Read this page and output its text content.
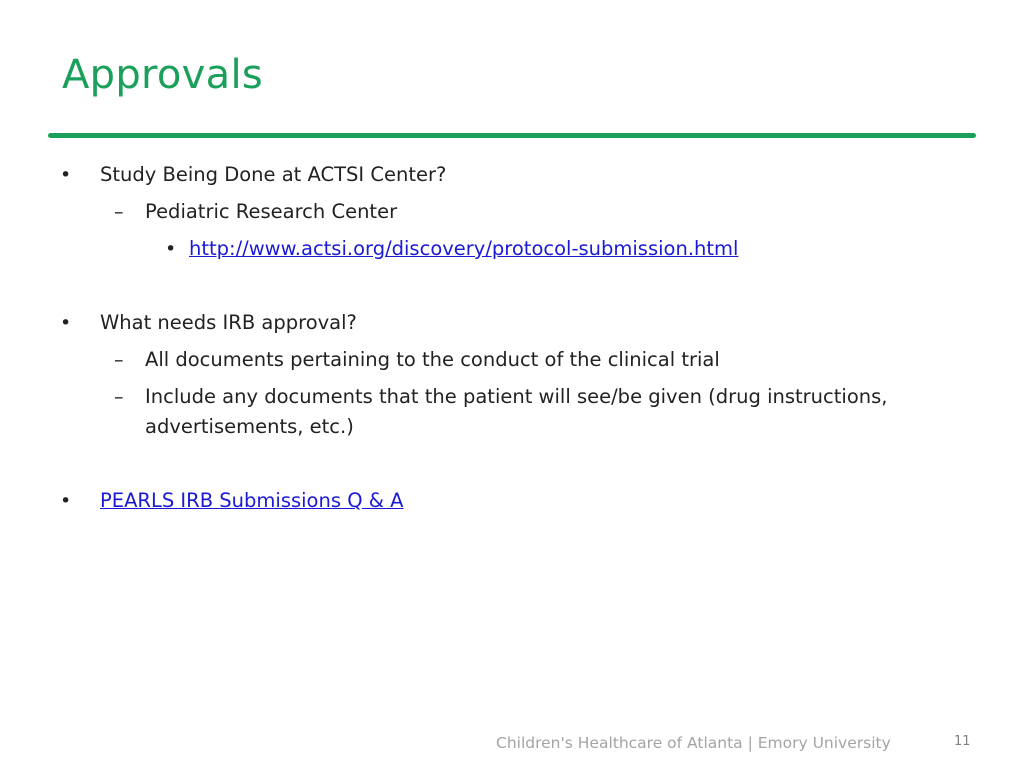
Approvals
• Study Being Done at ACTSI Center?
– Pediatric Research Center
• http://www.actsi.org/discovery/protocol-submission.html
• What needs IRB approval?
– All documents pertaining to the conduct of the clinical trial
– Include any documents that the patient will see/be given (drug instructions,
advertisements, etc.)
• PEARLS IRB Submissions Q & A
Children's Healthcare of Atlanta | Emory University	11
